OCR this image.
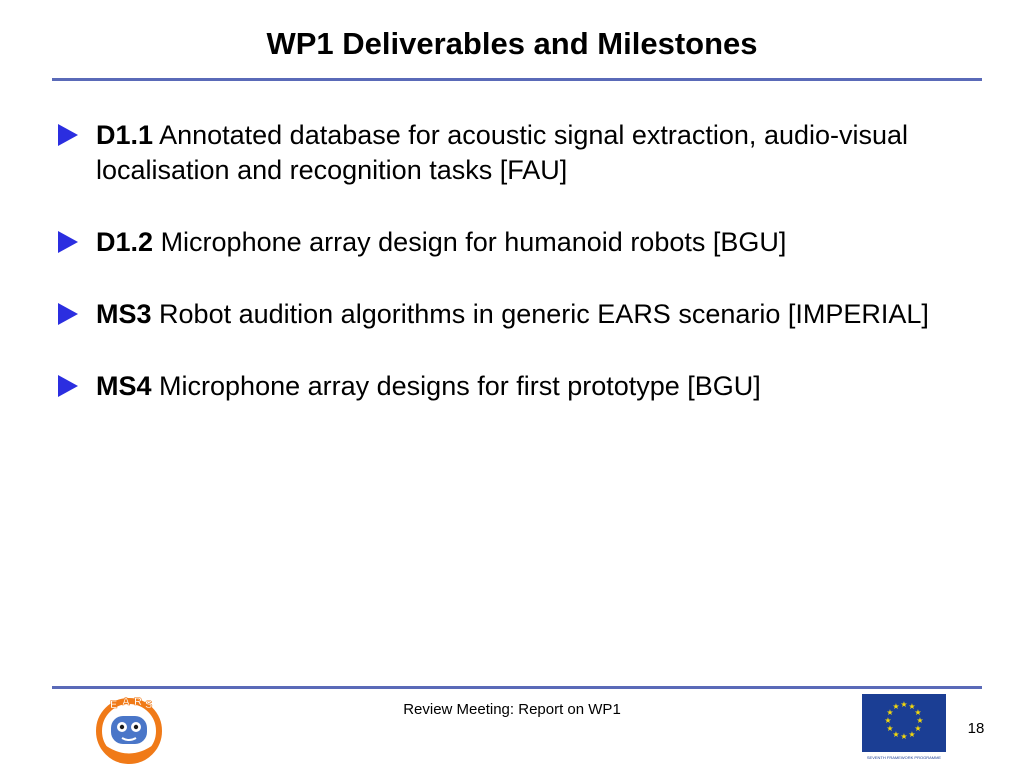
WP1 Deliverables and Milestones
D1.1 Annotated database for acoustic signal extraction, audio-visual localisation and recognition tasks [FAU]
D1.2 Microphone array design for humanoid robots [BGU]
MS3 Robot audition algorithms in generic EARS scenario [IMPERIAL]
MS4 Microphone array designs for first prototype [BGU]
E A R S	Review Meeting: Report on WP1	★ ★
★
★
★
★
★
★
★
★
★
★
SEVENTH FRAMEWORK PROGRAMME
18
